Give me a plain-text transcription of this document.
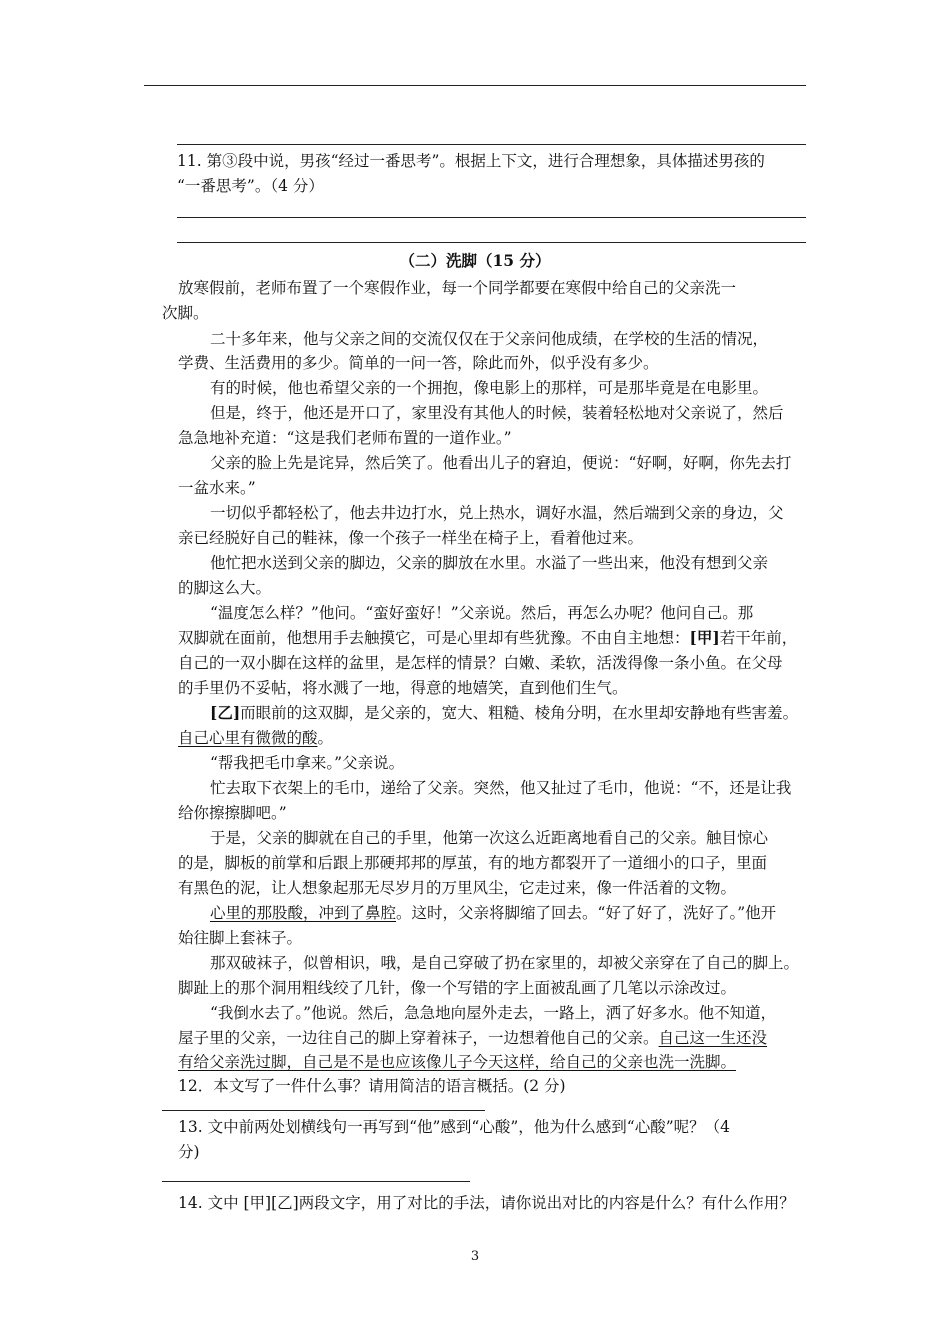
11. 第③段中说，男孩“经过一番思考”。根据上下文，进行合理想象，具体描述男孩的
“一番思考”。（4 分）
（二）洗脚（15 分）
放寒假前，老师布置了一个寒假作业，每一个同学都要在寒假中给自己的父亲洗一
次脚。
二十多年来，他与父亲之间的交流仅仅在于父亲问他成绩，在学校的生活的情况，
学费、生活费用的多少。简单的一问一答，除此而外，似乎没有多少。
有的时候，他也希望父亲的一个拥抱，像电影上的那样，可是那毕竟是在电影里。
但是，终于，他还是开口了，家里没有其他人的时候，装着轻松地对父亲说了，然后
急急地补充道：“这是我们老师布置的一道作业。”
父亲的脸上先是诧异，然后笑了。他看出儿子的窘迫，便说：“好啊，好啊，你先去打
一盆水来。”
一切似乎都轻松了，他去井边打水，兑上热水，调好水温，然后端到父亲的身边，父
亲已经脱好自己的鞋袜，像一个孩子一样坐在椅子上，看着他过来。
他忙把水送到父亲的脚边，父亲的脚放在水里。水溢了一些出来，他没有想到父亲
的脚这么大。
“温度怎么样？”他问。“蛮好蛮好！”父亲说。然后，再怎么办呢？他问自己。那
双脚就在面前，他想用手去触摸它，可是心里却有些犹豫。不由自主地想：[甲]若干年前，
自己的一双小脚在这样的盆里，是怎样的情景？白嫩、柔软，活泼得像一条小鱼。在父母
的手里仍不妥帖，将水溅了一地，得意的地嬉笑，直到他们生气。
[乙]而眼前的这双脚，是父亲的，宽大、粗糙、棱角分明，在水里却安静地有些害羞。
自己心里有微微的酸。
“帮我把毛巾拿来。”父亲说。
忙去取下衣架上的毛巾，递给了父亲。突然，他又扯过了毛巾，他说：“不，还是让我
给你擦擦脚吧。”
于是，父亲的脚就在自己的手里，他第一次这么近距离地看自己的父亲。触目惊心
的是，脚板的前掌和后跟上那硬邦邦的厚茧，有的地方都裂开了一道细小的口子，里面
有黑色的泥，让人想象起那无尽岁月的万里风尘，它走过来，像一件活着的文物。
心里的那股酸，冲到了鼻腔。这时，父亲将脚缩了回去。“好了好了，洗好了。”他开
始往脚上套袜子。
那双破袜子，似曾相识，哦，是自己穿破了扔在家里的，却被父亲穿在了自己的脚上。
脚趾上的那个洞用粗线绞了几针，像一个写错的字上面被乱画了几笔以示涂改过。
“我倒水去了。”他说。然后，急急地向屋外走去，一路上，洒了好多水。他不知道，
屋子里的父亲，一边往自己的脚上穿着袜子，一边想着他自己的父亲。自己这一生还没
有给父亲洗过脚，自己是不是也应该像儿子今天这样，给自己的父亲也洗一洗脚。
12．本文写了一件什么事？请用简洁的语言概括。(2 分)
13. 文中前两处划横线句一再写到“他”感到“心酸”，他为什么感到“心酸”呢？（4
分)
14. 文中 [甲][乙]两段文字，用了对比的手法，请你说出对比的内容是什么？有什么作用？
3
